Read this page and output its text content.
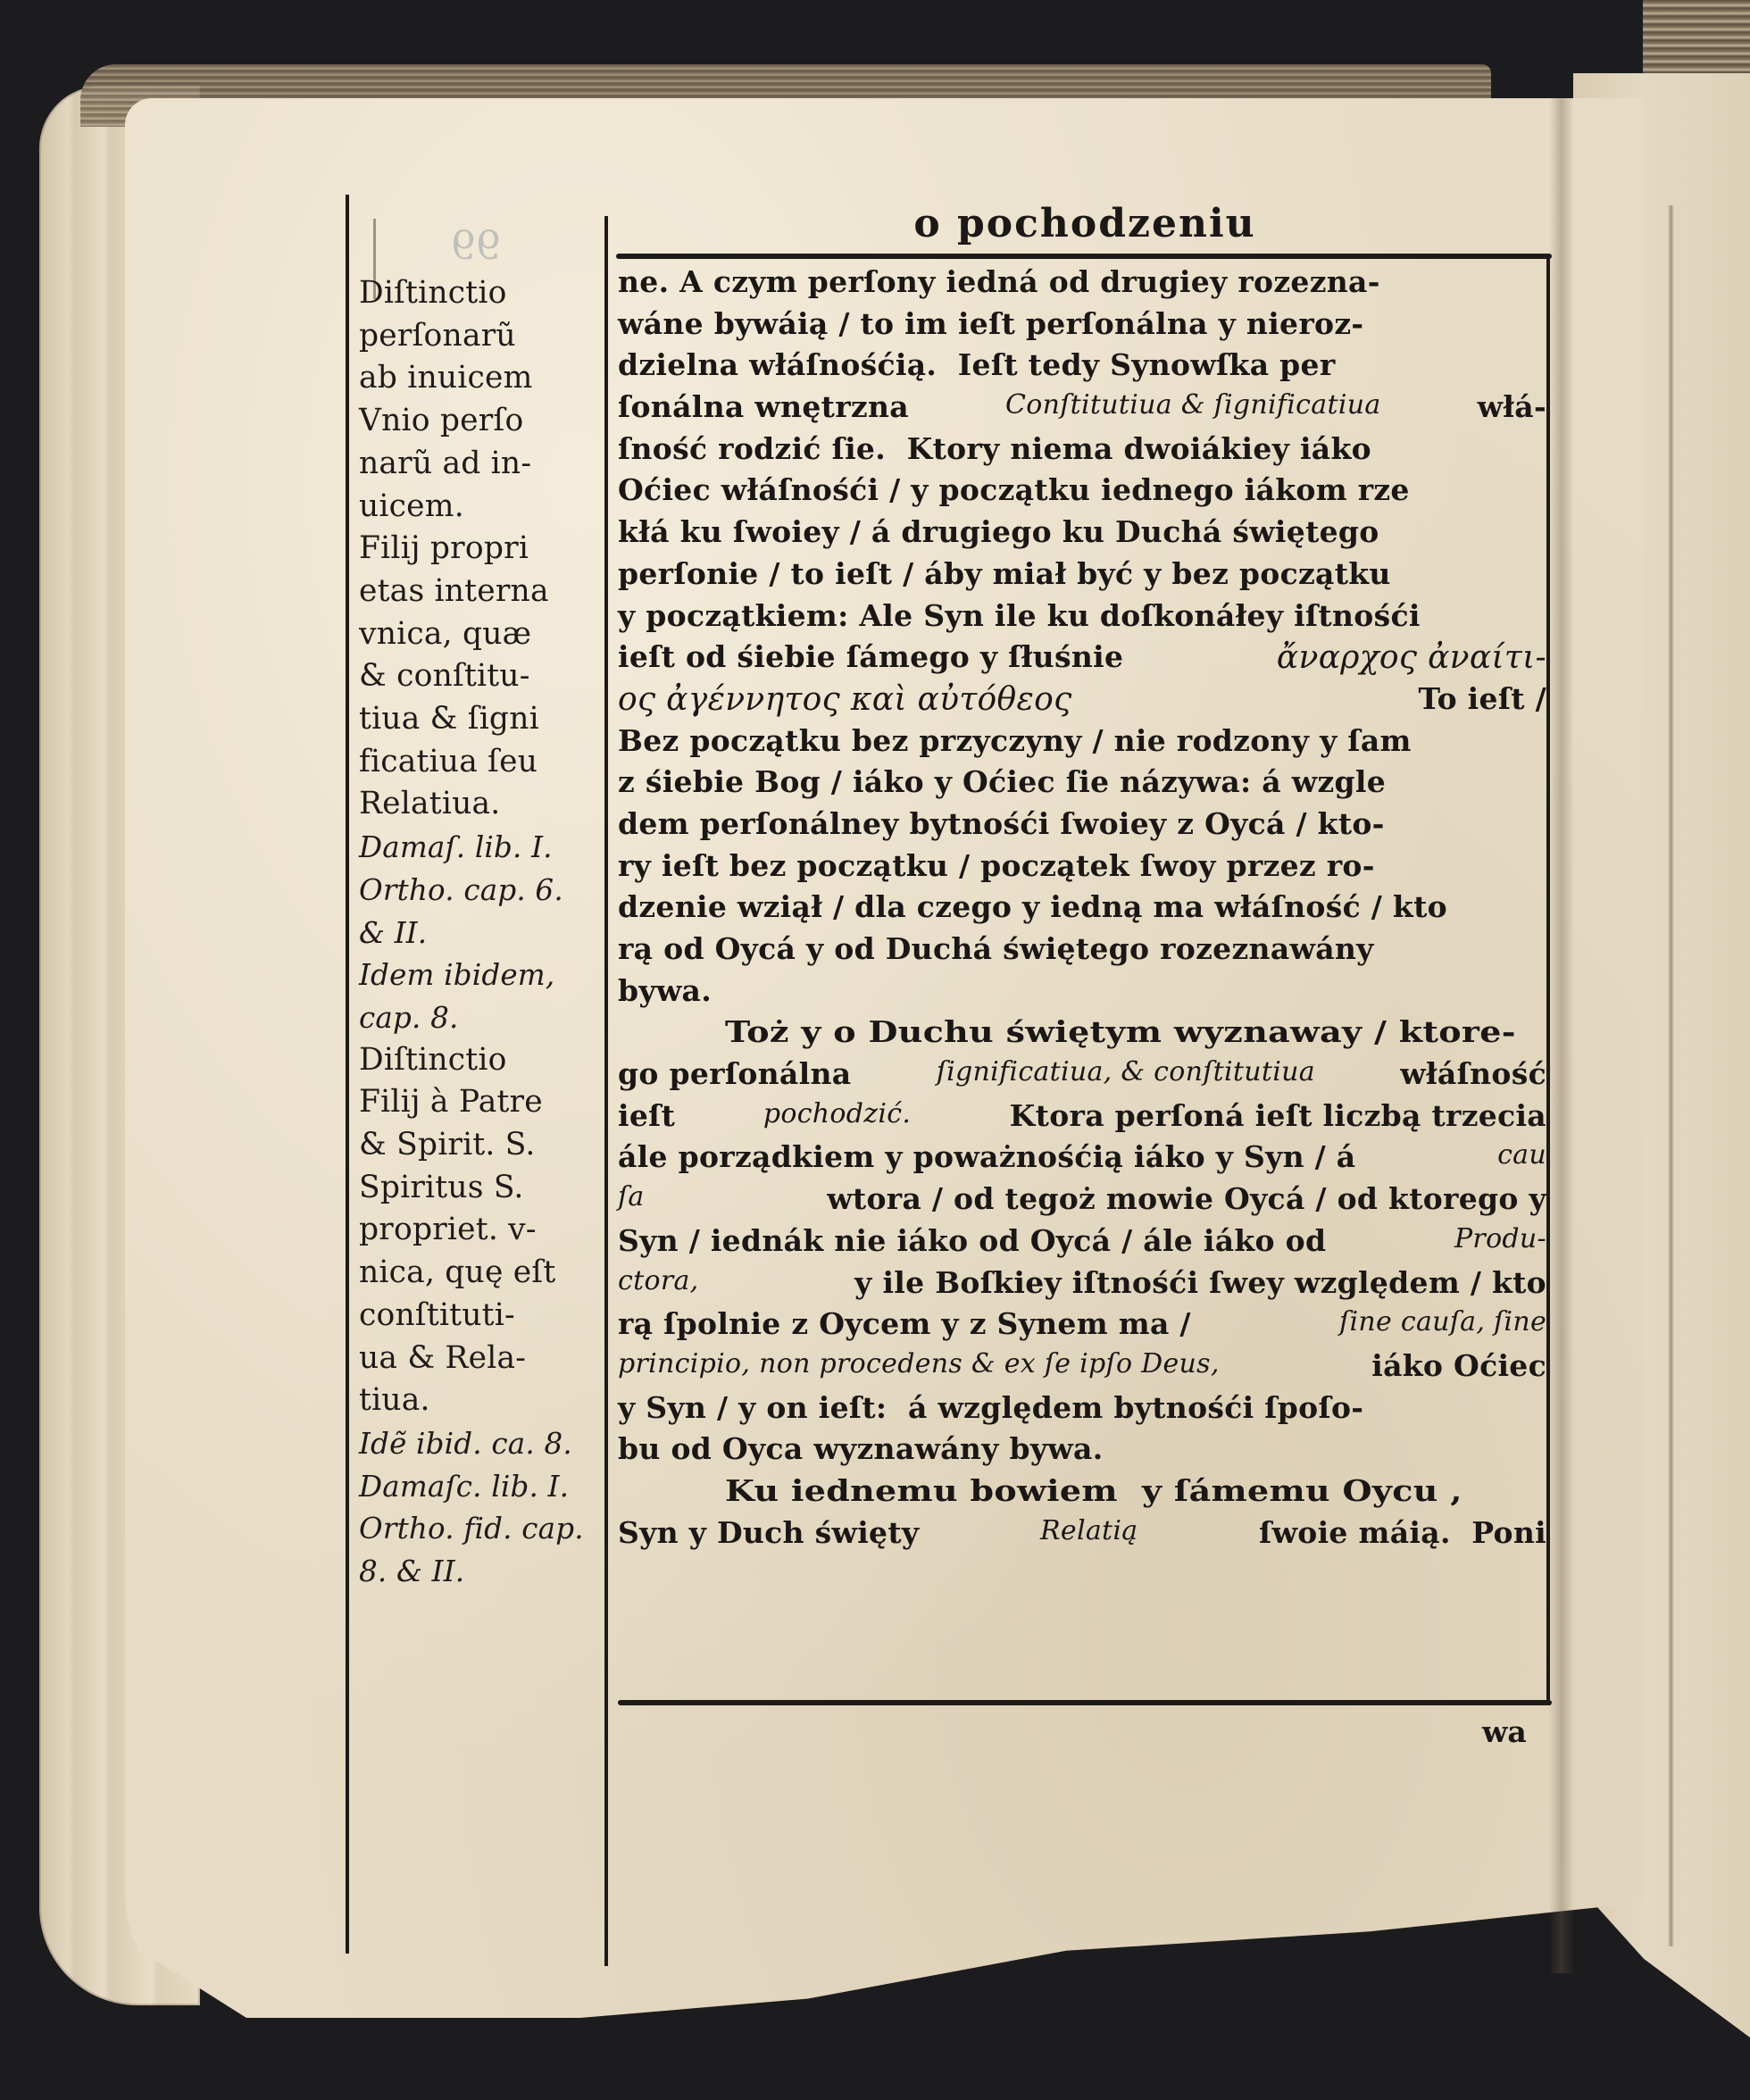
99	o pochodzeniu
Diſtinctio
perſonarũ
ab inuicem
Vnio perſo
narũ ad in-
uicem.
Filij propri
etas interna
vnica, quæ
& conſtitu-
tiua & ſigni
ficatiua ſeu
Relatiua.
Damaſ. lib. I.
Ortho. cap. 6.
& II.
Idem ibidem,
cap. 8.
Diſtinctio
Filij à Patre
& Spirit. S.
Spiritus S.
propriet. v-
nica, quę eſt
conſtituti-
ua & Rela-
tiua.
Idẽ ibid. ca. 8.
Damaſc. lib. I.
Ortho. fid. cap.
8. & II.
ne. A czym perſony iedná od drugiey rozezna-
wáne bywáią / to im ieſt perſonálna y nieroz-
dzielna włáſnośćią.  Ieſt tedy Synowſka per
ſonálna wnętrzna	Conſtitutiua & ſignificatiua	włá-
ſność rodzić ſie.  Ktory niema dwoiákiey iáko
Oćiec włáſnośći / y początku iednego iákom rze
kłá ku ſwoiey / á drugiego ku Duchá świętego
perſonie / to ieſt / áby miał być y bez początku
y początkiem: Ale Syn ile ku doſkonáłey iſtnośći
ieſt od śiebie ſámego y ſłuśnie	ἄναρχος ἀναίτι-
ος ἀγέννητος καὶ αὐτόθεος	To ieſt /
Bez początku bez przyczyny / nie rodzony y ſam
z śiebie Bog / iáko y Oćiec ſie názywa: á wzgle
dem perſonálney bytnośći ſwoiey z Oycá / kto-
ry ieſt bez początku / początek ſwoy przez ro-
dzenie wziął / dla czego y iedną ma włáſność / kto
rą od Oycá y od Duchá świętego rozeznawány
bywa.
Toż y o Duchu świętym wyznaway / ktore-
go perſonálna	ſignificatiua, & conſtitutiua	włáſność
ieſt	pochodzić.	Ktora perſoná ieſt liczbą trzecia
ále porządkiem y poważnośćią iáko y Syn / á	cau
ſa	wtora / od tegoż mowie Oycá / od ktorego y
Syn / iednák nie iáko od Oycá / ále iáko od	Produ-
ctora,	y ile Boſkiey iſtnośći ſwey względem / kto
rą ſpolnie z Oycem y z Synem ma /	ſine cauſa, ſine
principio, non procedens & ex ſe ipſo Deus,	iáko Oćiec
y Syn / y on ieſt:  á względem bytnośći ſpoſo-
bu od Oyca wyznawány bywa.
Ku iednemu bowiem  y ſámemu Oycu ,
Syn y Duch święty	Relatią	ſwoie máią.  Poni
wa
